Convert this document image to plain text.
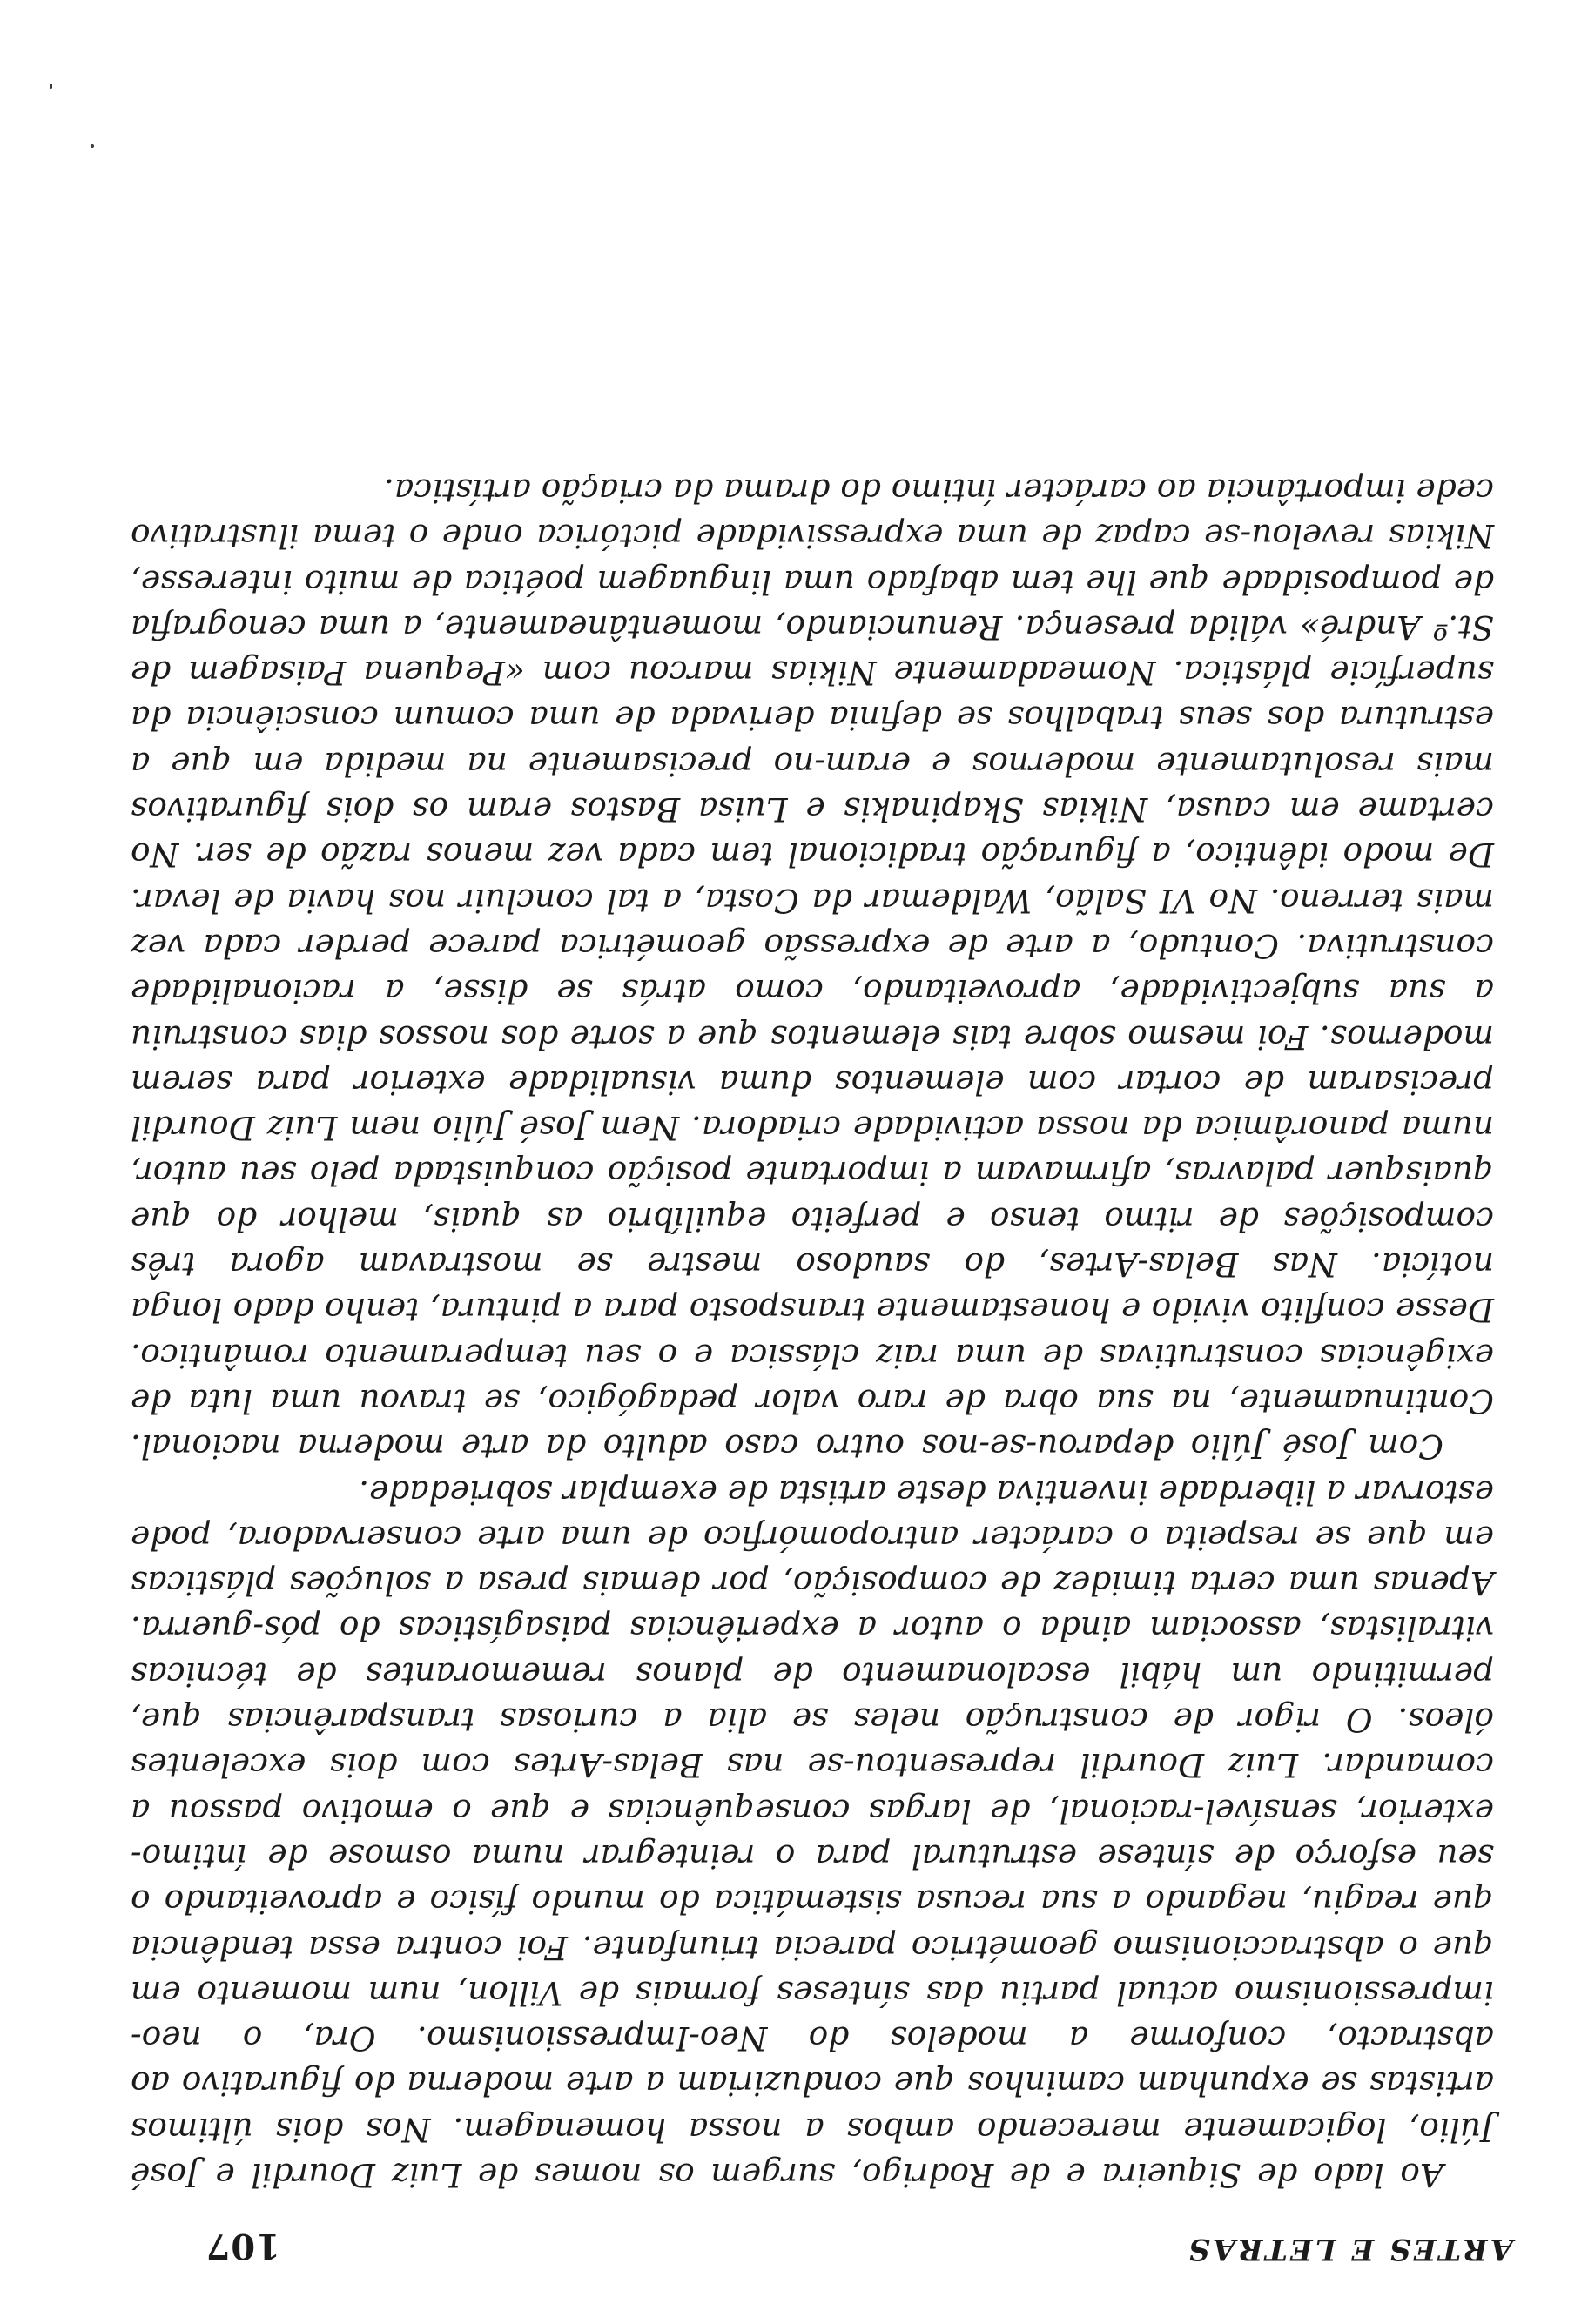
ARTES E LETRAS
107

Ao lado de Siqueira e de Rodrigo, surgem os nomes de Luiz Dourdil e José Júlio, logicamente merecendo ambos a nossa homenagem. Nos dois últimos artistas se expunham caminhos que conduziriam a arte moderna do figurativo ao abstracto, conforme a modelos do Neo-Impressionismo. Ora, o neo-impressionismo actual partiu das sínteses formais de Villon, num momento em que o abstraccionismo geométrico parecia triunfante. Foi contra essa tendência que reagiu, negando a sua recusa sistemática do mundo físico e aproveitando o seu esforço de síntese estrutural para o reintegrar numa osmose de íntimo-exterior, sensível-racional, de largas consequências e que o emotivo passou a comandar. Luiz Dourdil representou-se nas Belas-Artes com dois excelentes óleos. O rigor de construção neles se alia a curiosas transparências que, permitindo um hábil escalonamento de planos rememorantes de técnicas vitralistas, associam ainda o autor a experiências paisagísticas do pós-guerra. Apenas uma certa timidez de composição, por demais presa a soluções plásticas em que se respeita o carácter antropomórfico de uma arte conservadora, pode estorvar a liberdade inventiva deste artista de exemplar sobriedade.

Com José Júlio deparou-se-nos outro caso adulto da arte moderna nacional. Continuamente, na sua obra de raro valor pedagógico, se travou uma luta de exigências construtivas de uma raiz clássica e o seu temperamento romântico. Desse conflito vivido e honestamente transposto para a pintura, tenho dado longa notícia. Nas Belas-Artes, do saudoso mestre se mostravam agora três composições de ritmo tenso e perfeito equilíbrio as quais, melhor do que quaisquer palavras, afirmavam a importante posição conquistada pelo seu autor, numa panorâmica da nossa actividade criadora. Nem José Júlio nem Luiz Dourdil precisaram de cortar com elementos duma visualidade exterior para serem modernos. Foi mesmo sobre tais elementos que a sorte dos nossos dias construiu a sua subjectividade, aproveitando, como atrás se disse, a racionalidade construtiva. Contudo, a arte de expressão geométrica parece perder cada vez mais terreno. No VI Salão, Waldemar da Costa, a tal concluir nos havia de levar. De modo idêntico, a figuração tradicional tem cada vez menos razão de ser. No certame em causa, Nikias Skapinakis e Luisa Bastos eram os dois figurativos mais resolutamente modernos e eram-no precisamente na medida em que a estrutura dos seus trabalhos se definia derivada de uma comum consciência da superfície plástica. Nomeadamente Nikias marcou com «Pequena Paisagem de St.º André» válida presença. Renunciando, momentâneamente, a uma cenografia de pomposidade que lhe tem abafado uma linguagem poética de muito interesse, Nikias revelou-se capaz de uma expressividade pictórica onde o tema ilustrativo cede importância ao carácter íntimo do drama da criação artística.
